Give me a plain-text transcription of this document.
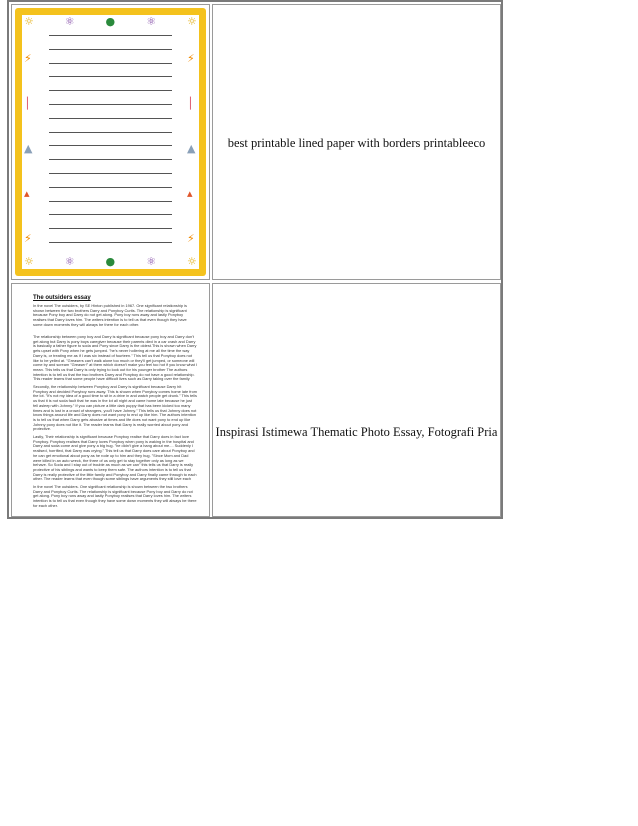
☼
☼
⚛
⚛
●
●
⚛
⚛
☼
☼
⚡
│
▲
▴
⚡
⚡
│
▲
▴
⚡
best printable lined paper with borders printableeco
The outsiders essay
In the novel The outsiders, by SE Hinton published in 1967. One significant relationship is shown between the two brothers Darry and Ponyboy Curtis. The relationship is significant because Pony boy and Darry do not get along. Pony boy runs away and lastly Ponyboy realises that Darry loves him. The writers intention is to tell us that even though they have some down moments they will always be there for each other.
The relationship between pony boy and Darry is significant because pony boy and Darry don't get along but Darry is pony boys caregiver because their parents died in a car crash and Darry is basically a father figure to soda and Pony since Darry is the oldest.This is shown when Darry gets upset with Pony when he gets jumped. "he's never hollering at me all the time the way Darry is, or treating me as if I was six instead of fourteen." This tell us that Ponyboy does not like to be yelled at. "Greasers can't walk alone too much or they'll get jumped, or someone will come by and scream "Greaser!" at them which doesn't make you feel too hot if you know what I mean. This tells us that Darry is only trying to look out for his younger brother The authors intention is to tell us that the two brothers Darry and Ponyboy do not have a good relationship. This reader learns that some people have difficult lives such as Darry taking over the family
Secondly, the relationship between Ponyboy and Darry is significant because Darry hit Ponyboy and decided Ponyboy runs away. This is shown when Ponyboy comes home late from the lot. "It's not my idea of a good time to sit in a drive in and watch people get drunk." This tells us that it is not soda fault that he was in the lot all night and came home late because he just fell asleep with Johnny." If you can picture a little dark puppy that has been kicked too many times and is lost in a crowd of strangers, you'll have Johnny." This tells us that Johnny does not know things around life and Darry does not want pony to end up like him. The authors intention is to tell us that when Darry gets abusive at times and life does not want pony to end up like Johnny pony does not like it. The reader learns that Darry is really worried about pony and protective.
Lastly, Their relationship is significant because Ponyboy realise that Darry does in fact love Ponyboy. Ponyboy realises that Darry loves Ponyboy when pony is waking in the hospital and Darry and soda come and give pony a big hug. "he didn't give a hang about me.... Suddenly I realised, horrified, that Darry was crying." This tell us that Darry does care about Ponyboy and he can get emotional about pony as he rode up to him and they hug. "Since Mom and Dad were killed in an auto wreck, the three of us only get to stay together only as long as we behave. So Soda and I stay out of trouble as much as we can" this tells us that Darry is really protective of his siblings and wants to keep them safe. The authors intention is to tell us that Darry is really protective of the little family and Ponyboy and Darry finally came through to each other. The reader learns that even though some siblings have arguments they still love each
In the novel The outsiders. One significant relationship is shown between the two brothers Darry and Ponyboy Curtis. The relationship is significant because Pony boy and Darry do not get along. Pony boy runs away and lastly Ponyboy realises that Darry loves him. The writers intention is to tell us that even though they have some down moments they will always be there for each other.
Inspirasi Istimewa Thematic Photo Essay, Fotografi Pria
